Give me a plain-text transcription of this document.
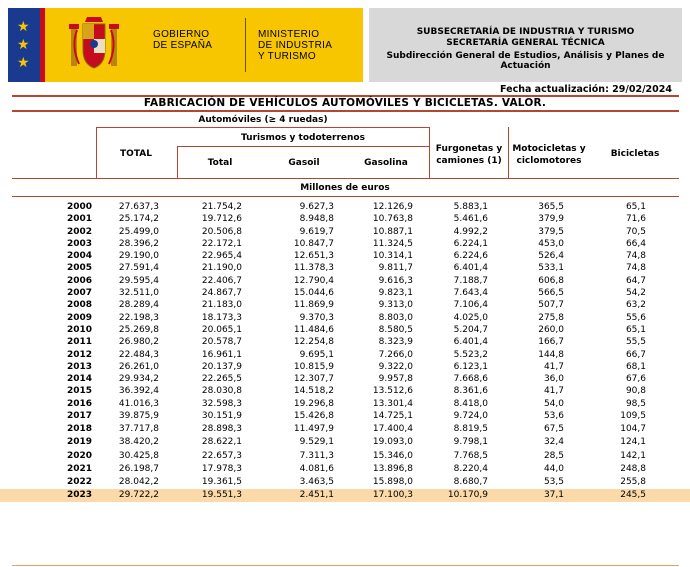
★
★
★
GOBIERNO
DE ESPAÑA
MINISTERIO
DE INDUSTRIA
Y TURISMO
SUBSECRETARÍA DE INDUSTRIA Y TURISMO
SECRETARÍA GENERAL TÉCNICA
Subdirección General de Estudios, Análisis y Planes de Actuación
Fecha actualización: 29/02/2024
FABRICACIÓN DE VEHÍCULOS AUTOMÓVILES Y BICICLETAS. VALOR.
Automóviles (≥ 4 ruedas)
TOTAL
Turismos y todoterrenos
Total	Gasoil	Gasolina
Furgonetas y
camiones (1)
Motocicletas y
ciclomotores
Bicicletas
Millones de euros
2000	27.637,3	21.754,2	9.627,3	12.126,9	5.883,1	365,5	65,1
2001	25.174,2	19.712,6	8.948,8	10.763,8	5.461,6	379,9	71,6
2002	25.499,0	20.506,8	9.619,7	10.887,1	4.992,2	379,5	70,5
2003	28.396,2	22.172,1	10.847,7	11.324,5	6.224,1	453,0	66,4
2004	29.190,0	22.965,4	12.651,3	10.314,1	6.224,6	526,4	74,8
2005	27.591,4	21.190,0	11.378,3	9.811,7	6.401,4	533,1	74,8
2006	29.595,4	22.406,7	12.790,4	9.616,3	7.188,7	606,8	64,7
2007	32.511,0	24.867,7	15.044,6	9.823,1	7.643,4	566,5	54,2
2008	28.289,4	21.183,0	11.869,9	9.313,0	7.106,4	507,7	63,2
2009	22.198,3	18.173,3	9.370,3	8.803,0	4.025,0	275,8	55,6
2010	25.269,8	20.065,1	11.484,6	8.580,5	5.204,7	260,0	65,1
2011	26.980,2	20.578,7	12.254,8	8.323,9	6.401,4	166,7	55,5
2012	22.484,3	16.961,1	9.695,1	7.266,0	5.523,2	144,8	66,7
2013	26.261,0	20.137,9	10.815,9	9.322,0	6.123,1	41,7	68,1
2014	29.934,2	22.265,5	12.307,7	9.957,8	7.668,6	36,0	67,6
2015	36.392,4	28.030,8	14.518,2	13.512,6	8.361,6	41,7	90,8
2016	41.016,3	32.598,3	19.296,8	13.301,4	8.418,0	54,0	98,5
2017	39.875,9	30.151,9	15.426,8	14.725,1	9.724,0	53,6	109,5
2018	37.717,8	28.898,3	11.497,9	17.400,4	8.819,5	67,5	104,7
2019	38.420,2	28.622,1	9.529,1	19.093,0	9.798,1	32,4	124,1
2020	30.425,8	22.657,3	7.311,3	15.346,0	7.768,5	28,5	142,1
2021	26.198,7	17.978,3	4.081,6	13.896,8	8.220,4	44,0	248,8
2022	28.042,2	19.361,5	3.463,5	15.898,0	8.680,7	53,5	255,8
2023	29.722,2	19.551,3	2.451,1	17.100,3	10.170,9	37,1	245,5
